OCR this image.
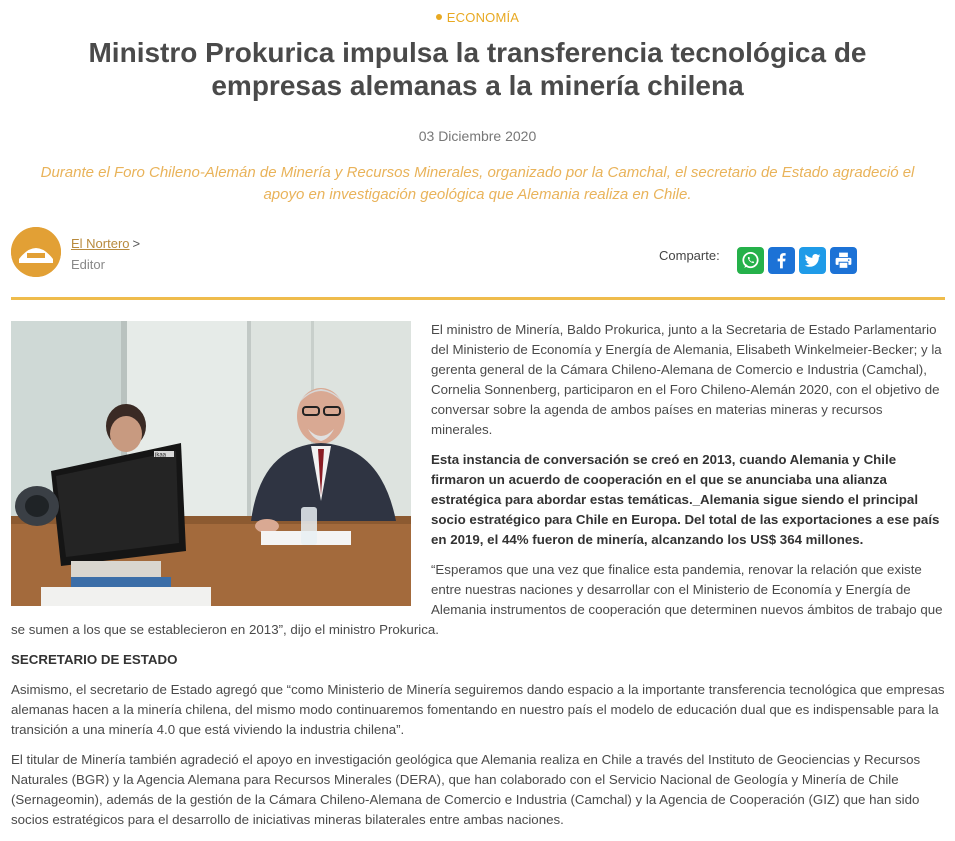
ECONOMÍA
Ministro Prokurica impulsa la transferencia tecnológica de empresas alemanas a la minería chilena
03 Diciembre 2020
Durante el Foro Chileno-Alemán de Minería y Recursos Minerales, organizado por la Camchal, el secretario de Estado agradeció el apoyo en investigación geológica que Alemania realiza en Chile.
El Nortero >
Editor
Comparte:
jkaa

El ministro de Minería, Baldo Prokurica, junto a la Secretaria de Estado Parlamentario del Ministerio de Economía y Energía de Alemania, Elisabeth Winkelmeier-Becker; y la gerenta general de la Cámara Chileno-Alemana de Comercio e Industria (Camchal), Cornelia Sonnenberg, participaron en el Foro Chileno-Alemán 2020, con el objetivo de conversar sobre la agenda de ambos países en materias mineras y recursos minerales.

Esta instancia de conversación se creó en 2013, cuando Alemania y Chile firmaron un acuerdo de cooperación en el que se anunciaba una alianza estratégica para abordar estas temáticas._Alemania sigue siendo el principal socio estratégico para Chile en Europa. Del total de las exportaciones a ese país en 2019, el 44% fueron de minería, alcanzando los US$ 364 millones.

“Esperamos que una vez que finalice esta pandemia, renovar la relación que existe entre nuestras naciones y desarrollar con el Ministerio de Economía y Energía de Alemania instrumentos de cooperación que determinen nuevos ámbitos de trabajo que se sumen a los que se establecieron en 2013”, dijo el ministro Prokurica.

SECRETARIO DE ESTADO

Asimismo, el secretario de Estado agregó que “como Ministerio de Minería seguiremos dando espacio a la importante transferencia tecnológica que empresas alemanas hacen a la minería chilena, del mismo modo continuaremos fomentando en nuestro país el modelo de educación dual que es indispensable para la transición a una minería 4.0 que está viviendo la industria chilena”.

El titular de Minería también agradeció el apoyo en investigación geológica que Alemania realiza en Chile a través del Instituto de Geociencias y Recursos Naturales (BGR) y la Agencia Alemana para Recursos Minerales (DERA), que han colaborado con el Servicio Nacional de Geología y Minería de Chile (Sernageomin), además de la gestión de la Cámara Chileno-Alemana de Comercio e Industria (Camchal) y la Agencia de Cooperación (GIZ) que han sido socios estratégicos para el desarrollo de iniciativas mineras bilaterales entre ambas naciones.
